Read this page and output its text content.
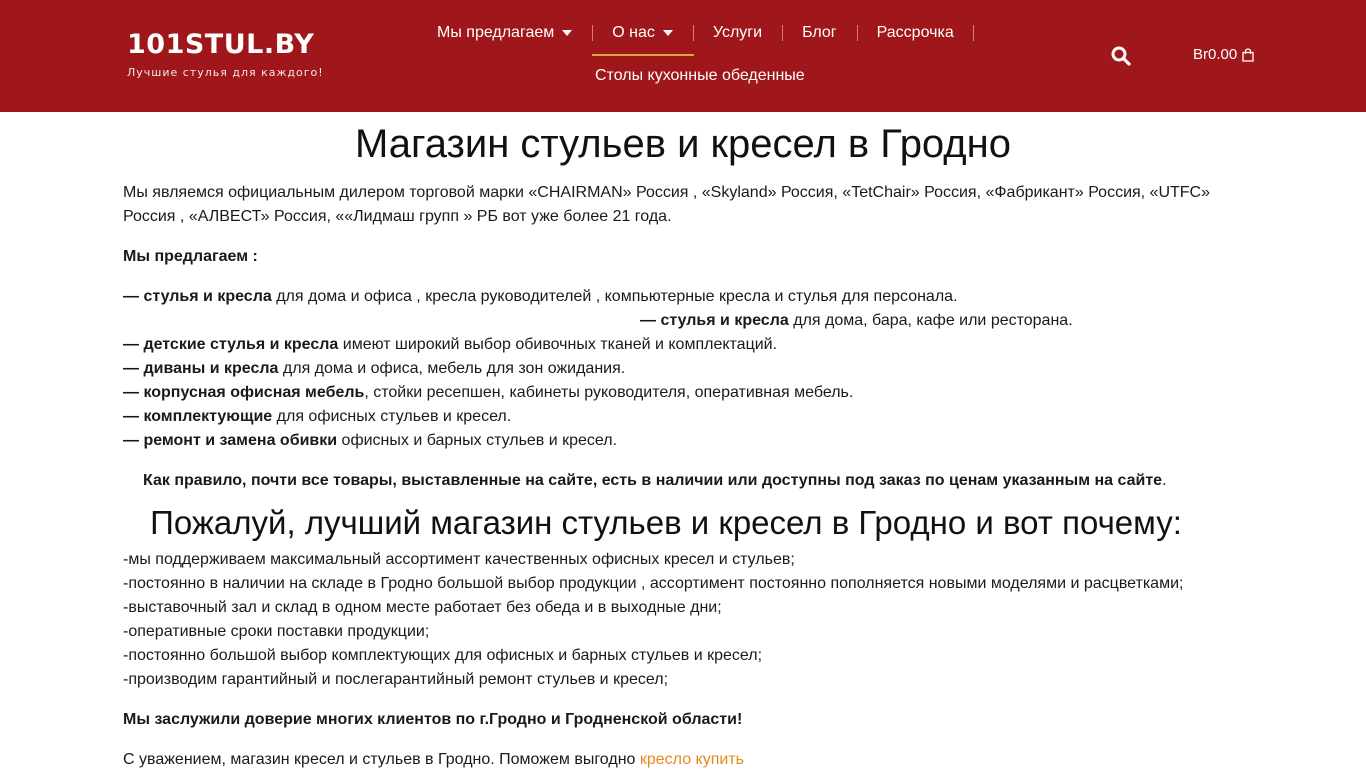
101STUL.BY
Лучшие стулья для каждого!
Мы предлагаем	О нас	Услуги	Блог	Рассрочка
Столы кухонные обеденные
Br0.00
Магазин стульев и кресел в Гродно

Мы являемся официальным дилером торговой марки «CHAIRMAN» Россия , «Skyland» Россия, «TetChair» Россия, «Фабрикант» Россия, «UTFC» Россия , «АЛВЕСТ» Россия, ««Лидмаш групп » РБ вот уже более 21 года.

Мы предлагаем :

— стулья и кресла для дома и офиса , кресла руководителей , компьютерные кресла и стулья для персонала.
— стулья и кресла для дома, бара, кафе или ресторана.
— детские стулья и кресла имеют широкий выбор обивочных тканей и комплектаций.
— диваны и кресла для дома и офиса, мебель для зон ожидания.
— корпусная офисная мебель, стойки ресепшен, кабинеты руководителя, оперативная мебель.
— комплектующие для офисных стульев и кресел.
— ремонт и замена обивки офисных и барных стульев и кресел.

Как правило, почти все товары, выставленные на сайте, есть в наличии или доступны под заказ по ценам указанным на сайте.

Пожалуй, лучший магазин стульев и кресел в Гродно и вот почему:
-мы поддерживаем максимальный ассортимент качественных офисных кресел и стульев;
-постоянно в наличии на складе в Гродно большой выбор продукции , ассортимент постоянно пополняется новыми моделями и расцветками;
-выставочный зал и склад в одном месте работает без обеда и в выходные дни;
-оперативные сроки поставки продукции;
-постоянно большой выбор комплектующих для офисных и барных стульев и кресел;
-производим гарантийный и послегарантийный ремонт стульев и кресел;

Мы заслужили доверие многих клиентов по г.Гродно и Гродненской области!

С уважением, магазин кресел и стульев в Гродно. Поможем выгодно кресло купить
